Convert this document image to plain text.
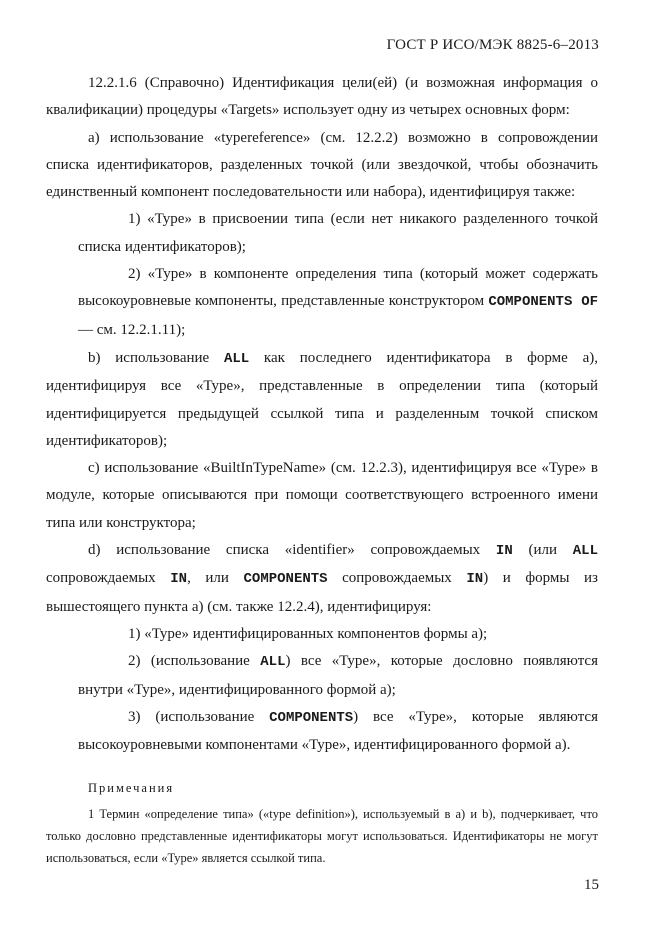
ГОСТ Р ИСО/МЭК 8825-6–2013

12.2.1.6 (Справочно) Идентификация цели(ей) (и возможная информация о квалификации) процедуры «Targets» использует одну из четырех основных форм:

а) использование «typereference» (см. 12.2.2) возможно в сопровождении списка идентификаторов, разделенных точкой (или звездочкой, чтобы обозначить единственный компонент последовательности или набора), идентифицируя также:

1) «Type» в присвоении типа (если нет никакого разделенного точкой списка идентификаторов);

2) «Type» в компоненте определения типа (который может содержать высокоуровневые компоненты, представленные конструктором COMPONENTS OF — см. 12.2.1.11);

b) использование ALL как последнего идентификатора в форме а), идентифицируя все «Type», представленные в определении типа (который идентифицируется предыдущей ссылкой типа и разделенным точкой списком идентификаторов);

с) использование «BuiltInTypeName» (см. 12.2.3), идентифицируя все «Type» в модуле, которые описываются при помощи соответствующего встроенного имени типа или конструктора;

d) использование списка «identifier» сопровождаемых IN (или ALL сопровождаемых IN, или COMPONENTS сопровождаемых IN) и формы из вышестоящего пункта а) (см. также 12.2.4), идентифицируя:

1) «Type» идентифицированных компонентов формы а);

2) (использование ALL) все «Type», которые дословно появляются внутри «Type», идентифицированного формой а);

3) (использование COMPONENTS) все «Type», которые являются высокоуровневыми компонентами «Type», идентифицированного формой а).

Примечания

1 Термин «определение типа» («type definition»), используемый в а) и b), подчеркивает, что только дословно представленные идентификаторы могут использоваться. Идентификаторы не могут использоваться, если «Type» является ссылкой типа.

15
